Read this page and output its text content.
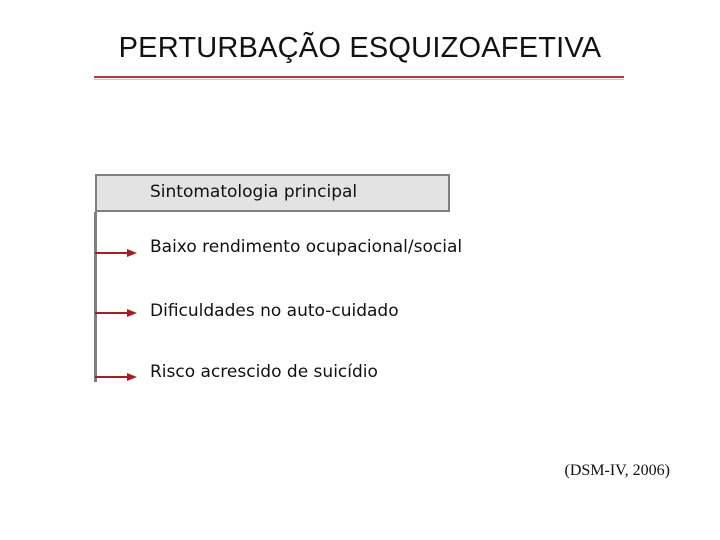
PERTURBAÇÃO ESQUIZOAFETIVA
Sintomatologia principal
Baixo rendimento ocupacional/social
Dificuldades no auto-cuidado
Risco acrescido de suicídio
(DSM-IV, 2006)
